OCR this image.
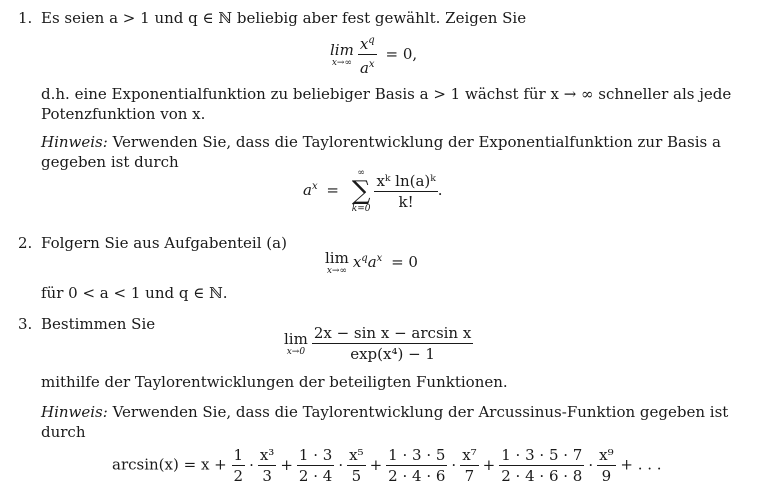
1. Es seien a > 1 und q ∈ ℕ beliebig aber fest gewählt. Zeigen Sie
lim
$x\to\infty \frac{x^q}{a^x} = 0$,
d.h. eine Exponentialfunktion zu beliebiger Basis a > 1 wächst für x → ∞ schneller als jede
Potenzfunktion von x.
Hinweis: Verwenden Sie, dass die Taylorentwicklung der Exponentialfunktion zur Basis a
gegeben ist durch
$a^x$ =
∞
∑
$k=0 \frac{\text{xᵏ ln(a)ᵏ}}{k!}$ .
2. Folgern Sie aus Aufgabenteil (a)
lim
x→∞ $x^qa^x = 0$
für 0 < a < 1 und q ∈ ℕ.
3. Bestimmen Sie
lim
$x\to 0 \frac{\text{2x − sin x − arcsin x}}{\text{exp(x⁴) − 1}}$
mithilfe der Taylorentwicklungen der beteiligten Funktionen.
Hinweis: Verwenden Sie, dass die Taylorentwicklung der Arcussinus-Funktion gegeben ist
durch
$\arcsin(x) = x + \frac{1}{2} \cdot \frac{\text{x³}}{3} + \frac{1 \cdot 3}{2 \cdot 4} \cdot \frac{\text{x⁵}}{5} + \frac{1 \cdot 3 \cdot 5}{2 \cdot 4 \cdot 6} \cdot \frac{\text{x⁷}}{7} + \frac{1 \cdot 3 \cdot 5 \cdot 7}{2 \cdot 4 \cdot 6 \cdot 8} \cdot \frac{\text{x⁹}}{9}$ + . . .
